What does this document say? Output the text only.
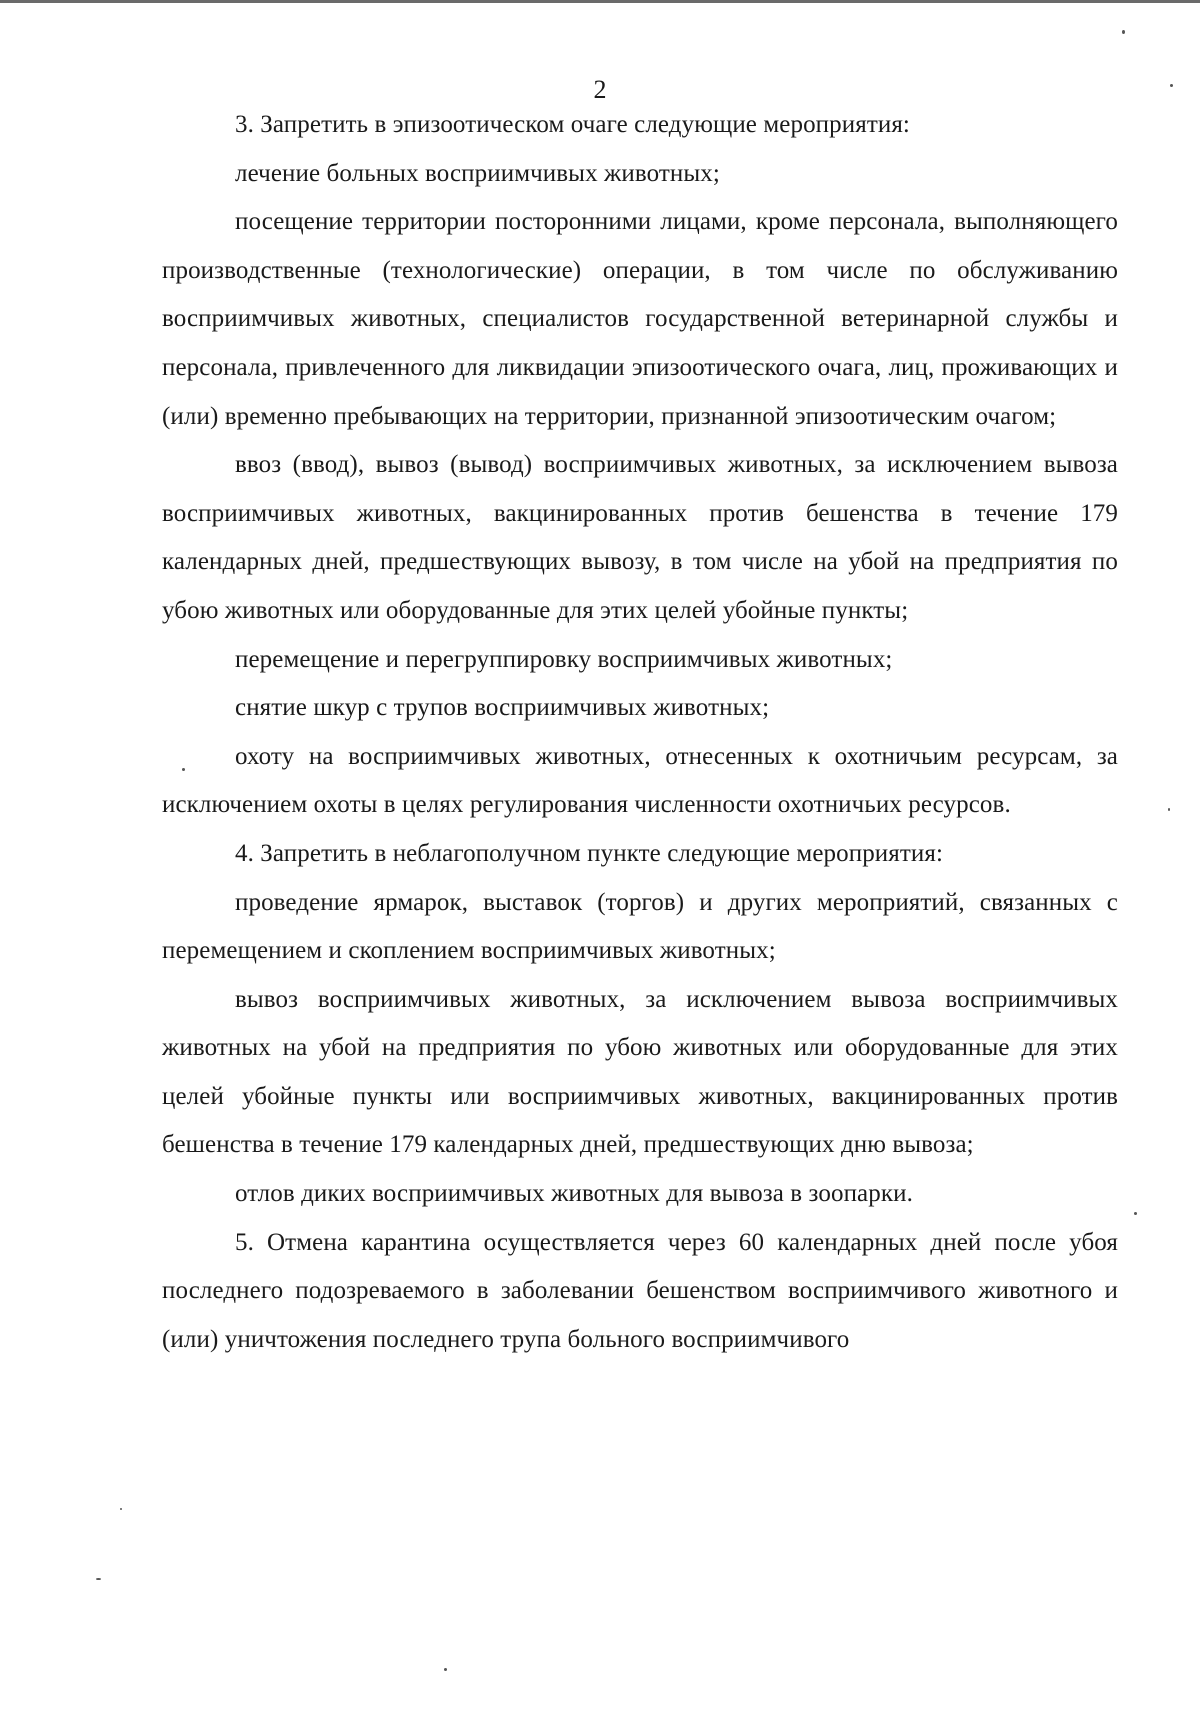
2

3. Запретить в эпизоотическом очаге следующие мероприятия:

лечение больных восприимчивых животных;

посещение территории посторонними лицами, кроме персонала, выполняющего производственные (технологические) операции, в том числе по обслуживанию восприимчивых животных, специалистов государственной ветеринарной службы и персонала, привлеченного для ликвидации эпизоотического очага, лиц, проживающих и (или) временно пребывающих на территории, признанной эпизоотическим очагом;

ввоз (ввод), вывоз (вывод) восприимчивых животных, за исключением вывоза восприимчивых животных, вакцинированных против бешенства в течение 179 календарных дней, предшествующих вывозу, в том числе на убой на предприятия по убою животных или оборудованные для этих целей убойные пункты;

перемещение и перегруппировку восприимчивых животных;

снятие шкур с трупов восприимчивых животных;

охоту на восприимчивых животных, отнесенных к охотничьим ресурсам, за исключением охоты в целях регулирования численности охотничьих ресурсов.

4. Запретить в неблагополучном пункте следующие мероприятия:

проведение ярмарок, выставок (торгов) и других мероприятий, связанных с перемещением и скоплением восприимчивых животных;

вывоз восприимчивых животных, за исключением вывоза восприимчивых животных на убой на предприятия по убою животных или оборудованные для этих целей убойные пункты или восприимчивых животных, вакцинированных против бешенства в течение 179 календарных дней, предшествующих дню вывоза;

отлов диких восприимчивых животных для вывоза в зоопарки.

5. Отмена карантина осуществляется через 60 календарных дней после убоя последнего подозреваемого в заболевании бешенством восприимчивого животного и (или) уничтожения последнего трупа больного восприимчивого
